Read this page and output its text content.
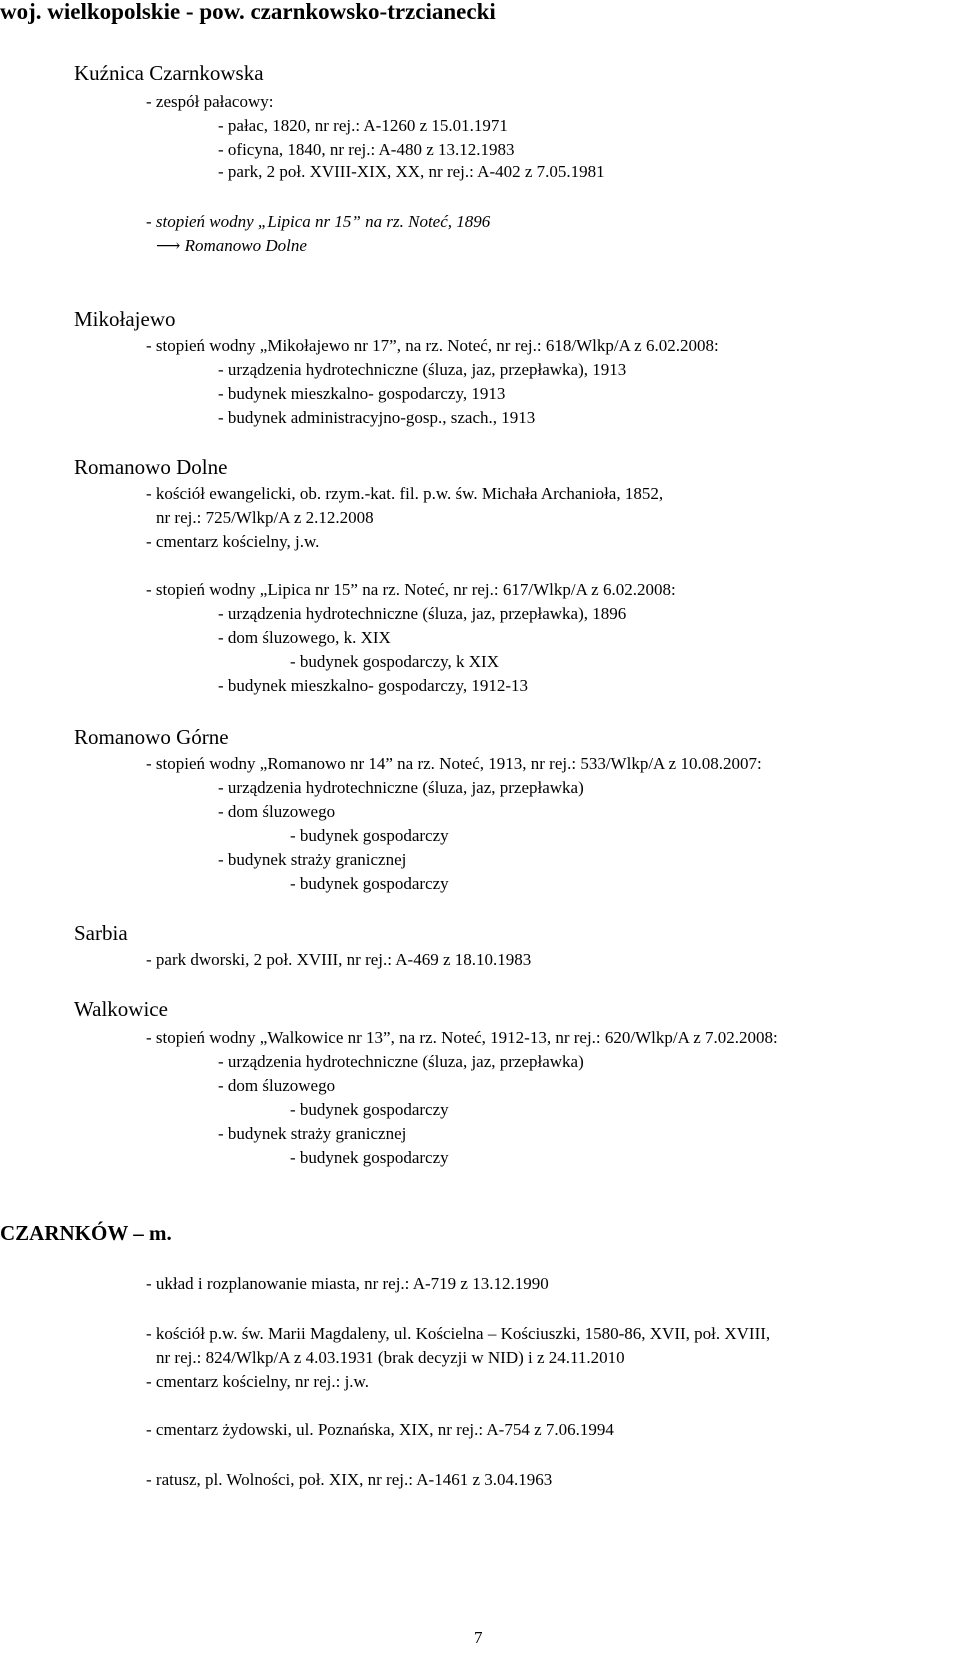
woj. wielkopolskie - pow. czarnkowsko-trzcianecki
Kuźnica Czarnkowska
- zespół pałacowy:
- pałac, 1820, nr rej.: A-1260 z 15.01.1971
- oficyna, 1840, nr rej.: A-480 z 13.12.1983
- park, 2 poł. XVIII-XIX, XX, nr rej.: A-402 z 7.05.1981
- stopień wodny „Lipica nr 15” na rz. Noteć, 1896
⟶ Romanowo Dolne
Mikołajewo
- stopień wodny „Mikołajewo nr 17”, na rz. Noteć, nr rej.: 618/Wlkp/A z 6.02.2008:
- urządzenia hydrotechniczne (śluza, jaz, przepławka), 1913
- budynek mieszkalno- gospodarczy, 1913
- budynek administracyjno-gosp., szach., 1913
Romanowo Dolne
- kościół ewangelicki, ob. rzym.-kat. fil. p.w. św. Michała Archanioła, 1852,
nr rej.: 725/Wlkp/A z 2.12.2008
- cmentarz kościelny, j.w.
- stopień wodny „Lipica nr 15” na rz. Noteć, nr rej.: 617/Wlkp/A z 6.02.2008:
- urządzenia hydrotechniczne (śluza, jaz, przepławka), 1896
- dom śluzowego, k. XIX
- budynek gospodarczy, k XIX
- budynek mieszkalno- gospodarczy, 1912-13
Romanowo Górne
- stopień wodny „Romanowo nr 14” na rz. Noteć, 1913, nr rej.: 533/Wlkp/A z 10.08.2007:
- urządzenia hydrotechniczne (śluza, jaz, przepławka)
- dom śluzowego
- budynek gospodarczy
- budynek straży granicznej
- budynek gospodarczy
Sarbia
- park dworski, 2 poł. XVIII, nr rej.: A-469 z 18.10.1983
Walkowice
- stopień wodny „Walkowice nr 13”, na rz. Noteć, 1912-13, nr rej.: 620/Wlkp/A z 7.02.2008:
- urządzenia hydrotechniczne (śluza, jaz, przepławka)
- dom śluzowego
- budynek gospodarczy
- budynek straży granicznej
- budynek gospodarczy
CZARNKÓW – m.
- układ i rozplanowanie miasta, nr rej.: A-719 z 13.12.1990
- kościół p.w. św. Marii Magdaleny, ul. Kościelna – Kościuszki, 1580-86, XVII, poł. XVIII,
nr rej.: 824/Wlkp/A z 4.03.1931 (brak decyzji w NID) i z 24.11.2010
- cmentarz kościelny, nr rej.: j.w.
- cmentarz żydowski, ul. Poznańska, XIX, nr rej.: A-754 z 7.06.1994
- ratusz, pl. Wolności, poł. XIX, nr rej.: A-1461 z 3.04.1963
7
